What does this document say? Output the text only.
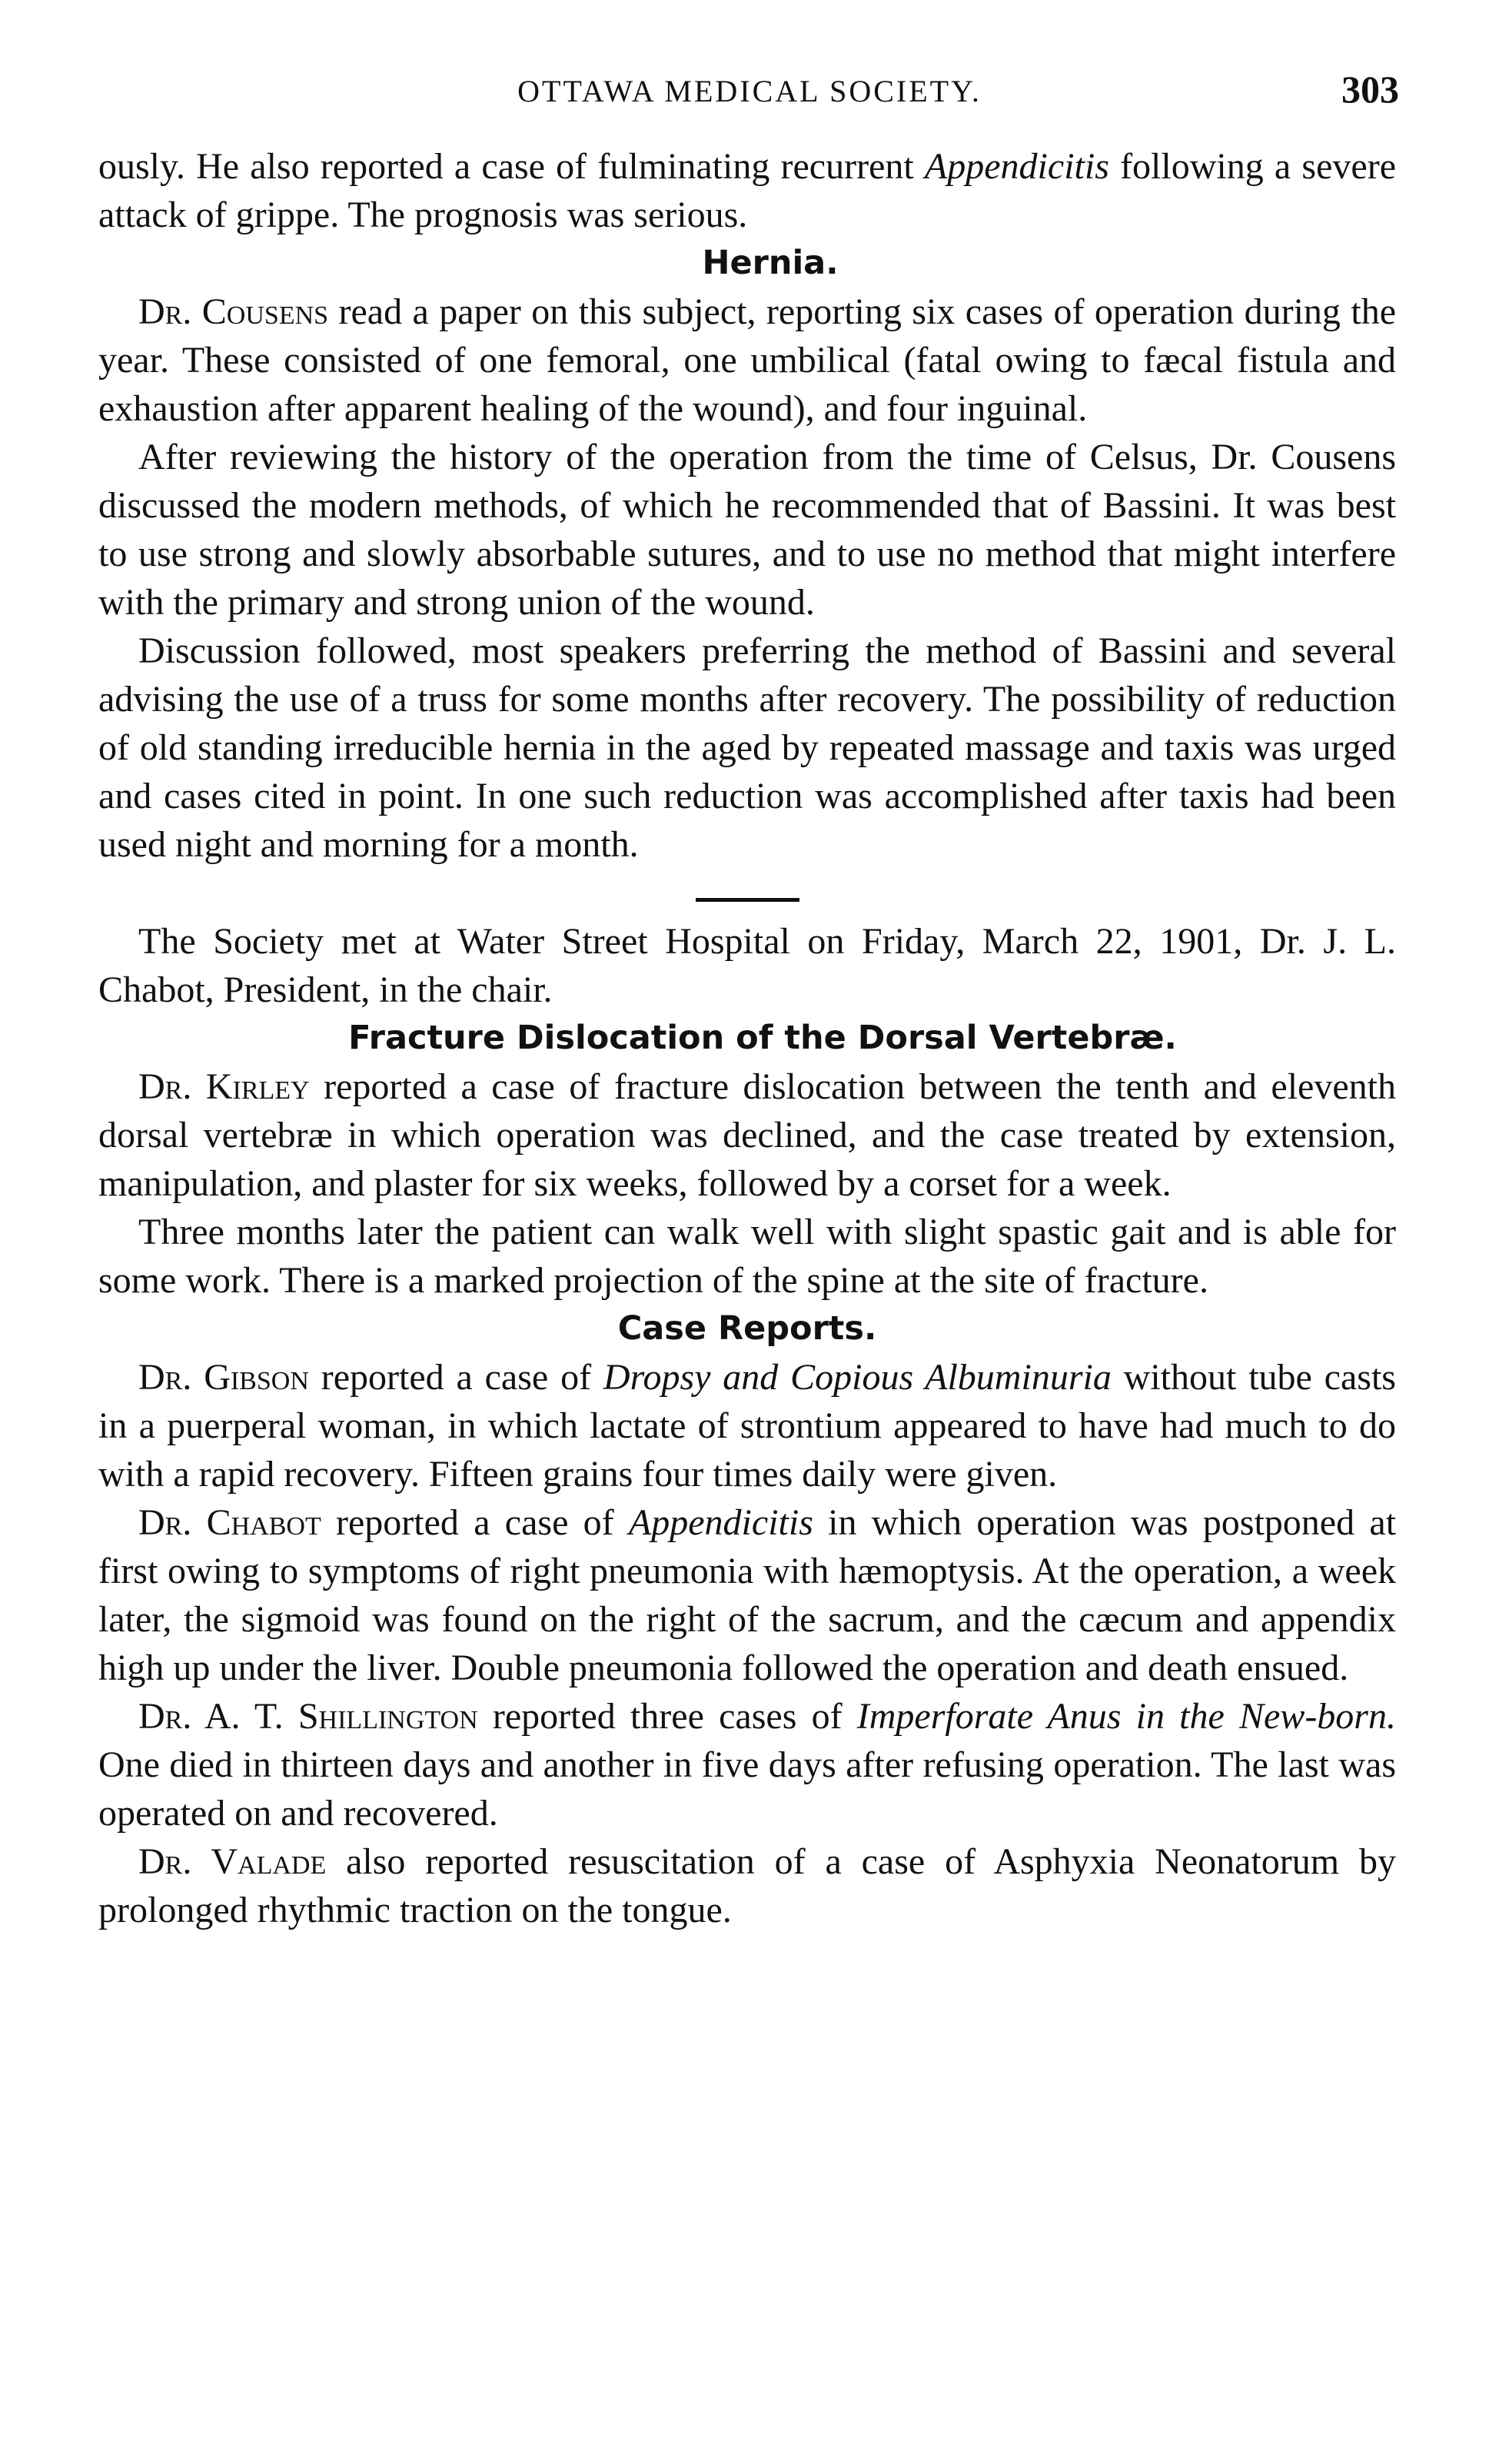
OTTAWA MEDICAL SOCIETY.	303

ously. He also reported a case of fulminating recurrent Appendicitis following a severe attack of grippe. The prognosis was serious.

Hernia.

Dr. Cousens read a paper on this subject, reporting six cases of operation during the year. These consisted of one femoral, one umbilical (fatal owing to fæcal fistula and exhaustion after apparent healing of the wound), and four inguinal.

After reviewing the history of the operation from the time of Celsus, Dr. Cousens discussed the modern methods, of which he recommended that of Bassini. It was best to use strong and slowly absorbable sutures, and to use no method that might interfere with the primary and strong union of the wound.

Discussion followed, most speakers preferring the method of Bassini and several advising the use of a truss for some months after recovery. The possibility of reduction of old standing irreducible hernia in the aged by repeated massage and taxis was urged and cases cited in point. In one such reduction was accomplished after taxis had been used night and morning for a month.

The Society met at Water Street Hospital on Friday, March 22, 1901, Dr. J. L. Chabot, President, in the chair.

Fracture Dislocation of the Dorsal Vertebræ.

Dr. Kirley reported a case of fracture dislocation between the tenth and eleventh dorsal vertebræ in which operation was declined, and the case treated by extension, manipulation, and plaster for six weeks, followed by a corset for a week.

Three months later the patient can walk well with slight spastic gait and is able for some work. There is a marked projection of the spine at the site of fracture.

Case Reports.

Dr. Gibson reported a case of Dropsy and Copious Albuminuria without tube casts in a puerperal woman, in which lactate of strontium appeared to have had much to do with a rapid recovery. Fifteen grains four times daily were given.

Dr. Chabot reported a case of Appendicitis in which operation was postponed at first owing to symptoms of right pneumonia with hæmoptysis. At the operation, a week later, the sigmoid was found on the right of the sacrum, and the cæcum and appendix high up under the liver. Double pneumonia followed the operation and death ensued.

Dr. A. T. Shillington reported three cases of Imperforate Anus in the New-born. One died in thirteen days and another in five days after refusing operation. The last was operated on and recovered.

Dr. Valade also reported resuscitation of a case of Asphyxia Neonatorum by prolonged rhythmic traction on the tongue.
